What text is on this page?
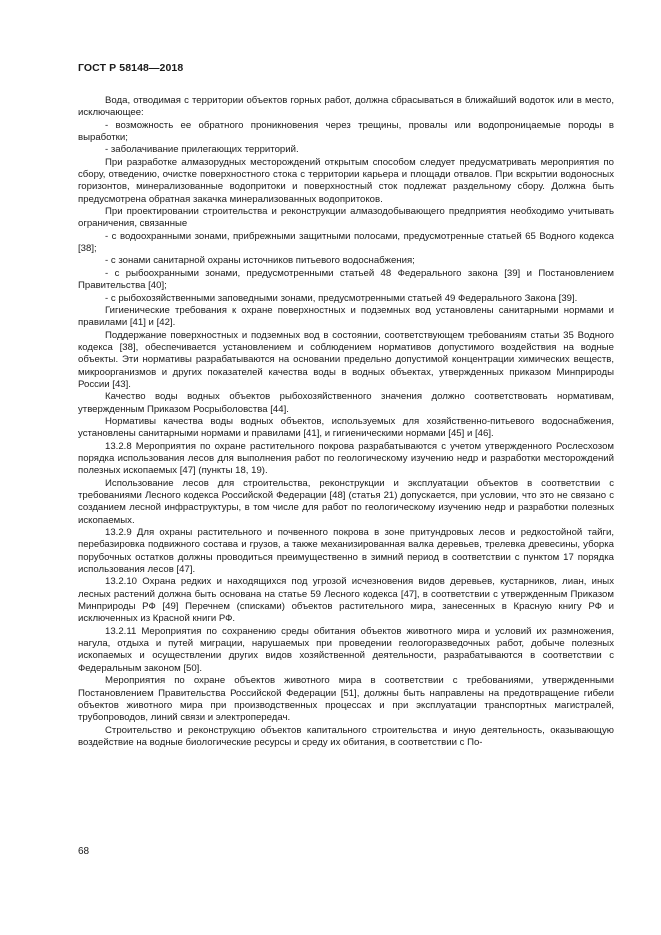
ГОСТ Р 58148—2018

Вода, отводимая с территории объектов горных работ, должна сбрасываться в ближайший водоток или в место, исключающее:

- возможность ее обратного проникновения через трещины, провалы или водопроницаемые породы в выработки;

- заболачивание прилегающих территорий.

При разработке алмазорудных месторождений открытым способом следует предусматривать мероприятия по сбору, отведению, очистке поверхностного стока с территории карьера и площади отвалов. При вскрытии водоносных горизонтов, минерализованные водопритоки и поверхностный сток подлежат раздельному сбору. Должна быть предусмотрена обратная закачка минерализованных водопритоков.

При проектировании строительства и реконструкции алмазодобывающего предприятия необходимо учитывать ограничения, связанные

- с водоохранными зонами, прибрежными защитными полосами, предусмотренные статьей 65 Водного кодекса [38];

- с зонами санитарной охраны источников питьевого водоснабжения;

- с рыбоохранными зонами, предусмотренными статьей 48 Федерального закона [39] и Постановлением Правительства [40];

- с рыбохозяйственными заповедными зонами, предусмотренными статьей 49 Федерального Закона [39].

Гигиенические требования к охране поверхностных и подземных вод установлены санитарными нормами и правилами [41] и [42].

Поддержание поверхностных и подземных вод в состоянии, соответствующем требованиям статьи 35 Водного кодекса [38], обеспечивается установлением и соблюдением нормативов допустимого воздействия на водные объекты. Эти нормативы разрабатываются на основании предельно допустимой концентрации химических веществ, микроорганизмов и других показателей качества воды в водных объектах, утвержденных приказом Минприроды России [43].

Качество воды водных объектов рыбохозяйственного значения должно соответствовать нормативам, утвержденным Приказом Росрыболовства [44].

Нормативы качества воды водных объектов, используемых для хозяйственно-питьевого водоснабжения, установлены санитарными нормами и правилами [41], и гигиеническими нормами [45] и [46].

13.2.8 Мероприятия по охране растительного покрова разрабатываются с учетом утвержденного Рослесхозом порядка использования лесов для выполнения работ по геологическому изучению недр и разработки месторождений полезных ископаемых [47] (пункты 18, 19).

Использование лесов для строительства, реконструкции и эксплуатации объектов в соответствии с требованиями Лесного кодекса Российской Федерации [48] (статья 21) допускается, при условии, что это не связано с созданием лесной инфраструктуры, в том числе для работ по геологическому изучению недр и разработки полезных ископаемых.

13.2.9 Для охраны растительного и почвенного покрова в зоне притундровых лесов и редкостойной тайги, перебазировка подвижного состава и грузов, а также механизированная валка деревьев, трелевка древесины, уборка порубочных остатков должны проводиться преимущественно в зимний период в соответствии с пунктом 17 порядка использования лесов [47].

13.2.10 Охрана редких и находящихся под угрозой исчезновения видов деревьев, кустарников, лиан, иных лесных растений должна быть основана на статье 59 Лесного кодекса [47], в соответствии с утвержденным Приказом Минприроды РФ [49] Перечнем (списками) объектов растительного мира, занесенных в Красную книгу РФ и исключенных из Красной книги РФ.

13.2.11 Мероприятия по сохранению среды обитания объектов животного мира и условий их размножения, нагула, отдыха и путей миграции, нарушаемых при проведении геологоразведочных работ, добыче полезных ископаемых и осуществлении других видов хозяйственной деятельности, разрабатываются в соответствии с Федеральным законом [50].

Мероприятия по охране объектов животного мира в соответствии с требованиями, утвержденными Постановлением Правительства Российской Федерации [51], должны быть направлены на предотвращение гибели объектов животного мира при производственных процессах и при эксплуатации транспортных магистралей, трубопроводов, линий связи и электропередач.

Строительство и реконструкцию объектов капитального строительства и иную деятельность, оказывающую воздействие на водные биологические ресурсы и среду их обитания, в соответствии с По-

68
